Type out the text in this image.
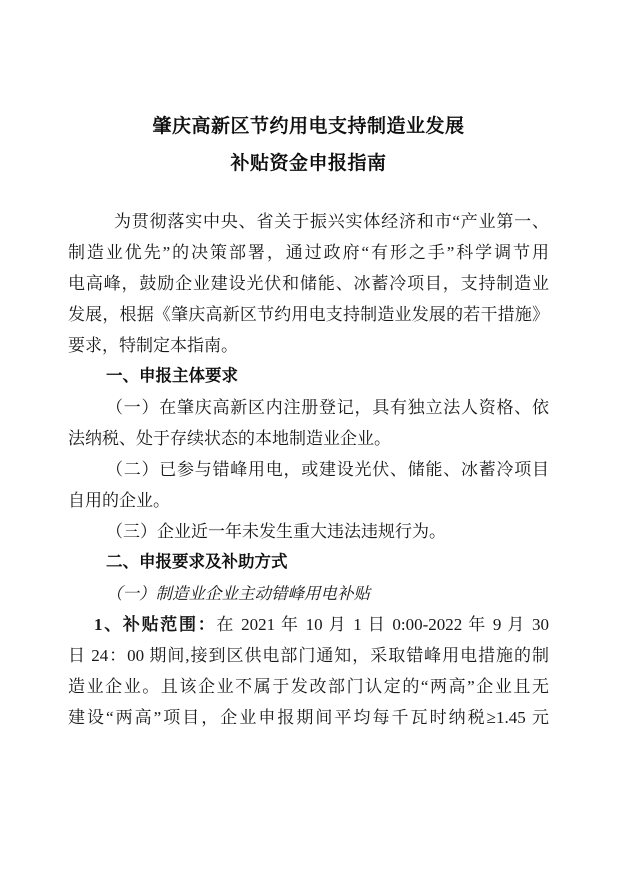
肇庆高新区节约用电支持制造业发展
补贴资金申报指南
为贯彻落实中央、省关于振兴实体经济和市“产业第一、
制造业优先”的决策部署，通过政府“有形之手”科学调节用
电高峰，鼓励企业建设光伏和储能、冰蓄冷项目，支持制造业
发展，根据《肇庆高新区节约用电支持制造业发展的若干措施》
要求，特制定本指南。
一、申报主体要求
（一）在肇庆高新区内注册登记，具有独立法人资格、依
法纳税、处于存续状态的本地制造业企业。
（二）已参与错峰用电，或建设光伏、储能、冰蓄冷项目
自用的企业。
（三）企业近一年未发生重大违法违规行为。
二、申报要求及补助方式
（一）制造业企业主动错峰用电补贴
1、补贴范围：在 2021 年 10 月 1 日 0:00-2022 年 9 月 30
日 24：00 期间,接到区供电部门通知，采取错峰用电措施的制
造业企业。且该企业不属于发改部门认定的“两高”企业且无
建设“两高”项目，企业申报期间平均每千瓦时纳税≥1.45 元
